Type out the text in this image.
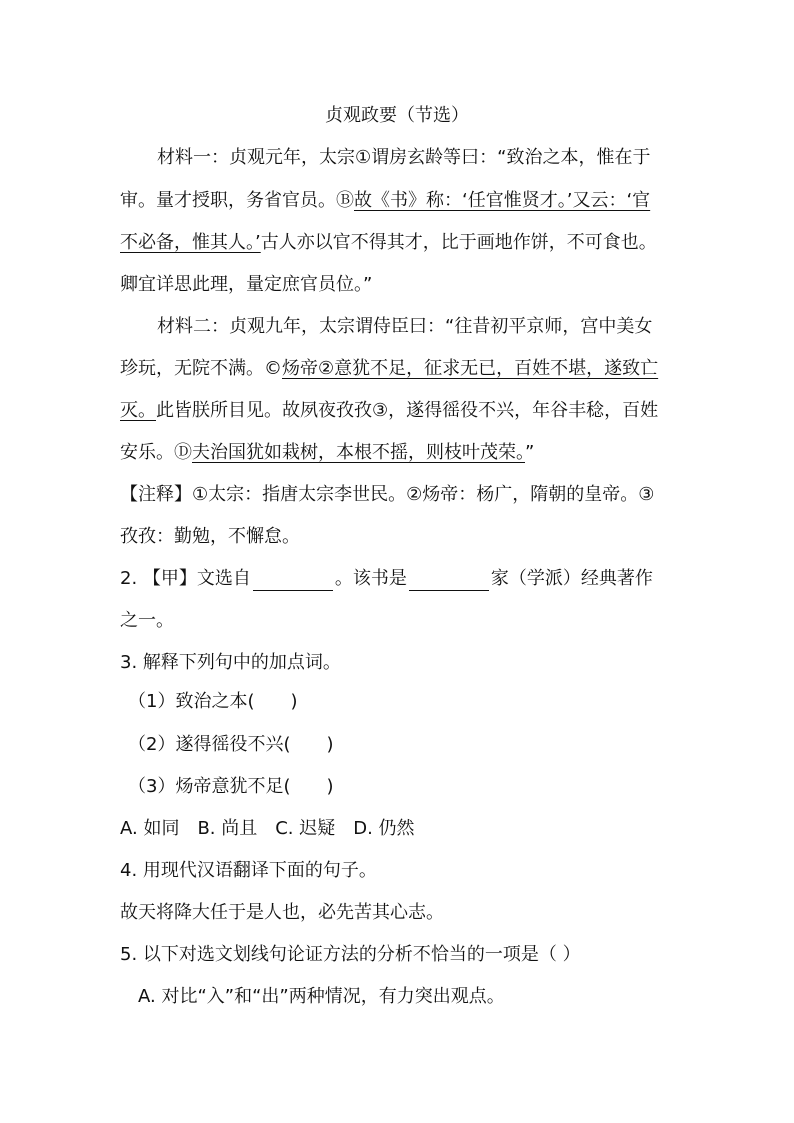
贞观政要（节选）
材料一：贞观元年，太宗①谓房玄龄等曰：“致治之本，惟在于
审。量才授职，务省官员。Ⓑ故《书》称：‘任官惟贤才。’又云：‘官
不必备，惟其人。’古人亦以官不得其才，比于画地作饼，不可食也。
卿宜详思此理，量定庶官员位。”
材料二：贞观九年，太宗谓侍臣曰：“往昔初平京师，宫中美女
珍玩，无院不满。©炀帝②意犹不足，征求无已，百姓不堪，遂致亡
灭。此皆朕所目见。故夙夜孜孜③，遂得徭役不兴，年谷丰稔，百姓
安乐。Ⓓ夫治国犹如栽树，本根不摇，则枝叶茂荣。”
【注释】①太宗：指唐太宗李世民。②炀帝：杨广，隋朝的皇帝。③
孜孜：勤勉，不懈怠。
2. 【甲】文选自	。该书是	家（学派）经典著作
之一。
3. 解释下列句中的加点词。
（1）致治之本(　　)
（2）遂得徭役不兴(　　)
（3）炀帝意犹不足(　　)
A. 如同　B. 尚且　C. 迟疑　D. 仍然
4. 用现代汉语翻译下面的句子。
故天将降大任于是人也，必先苦其心志。
5. 以下对选文划线句论证方法的分析不恰当的一项是（ ）
A. 对比“入”和“出”两种情况，有力突出观点。
